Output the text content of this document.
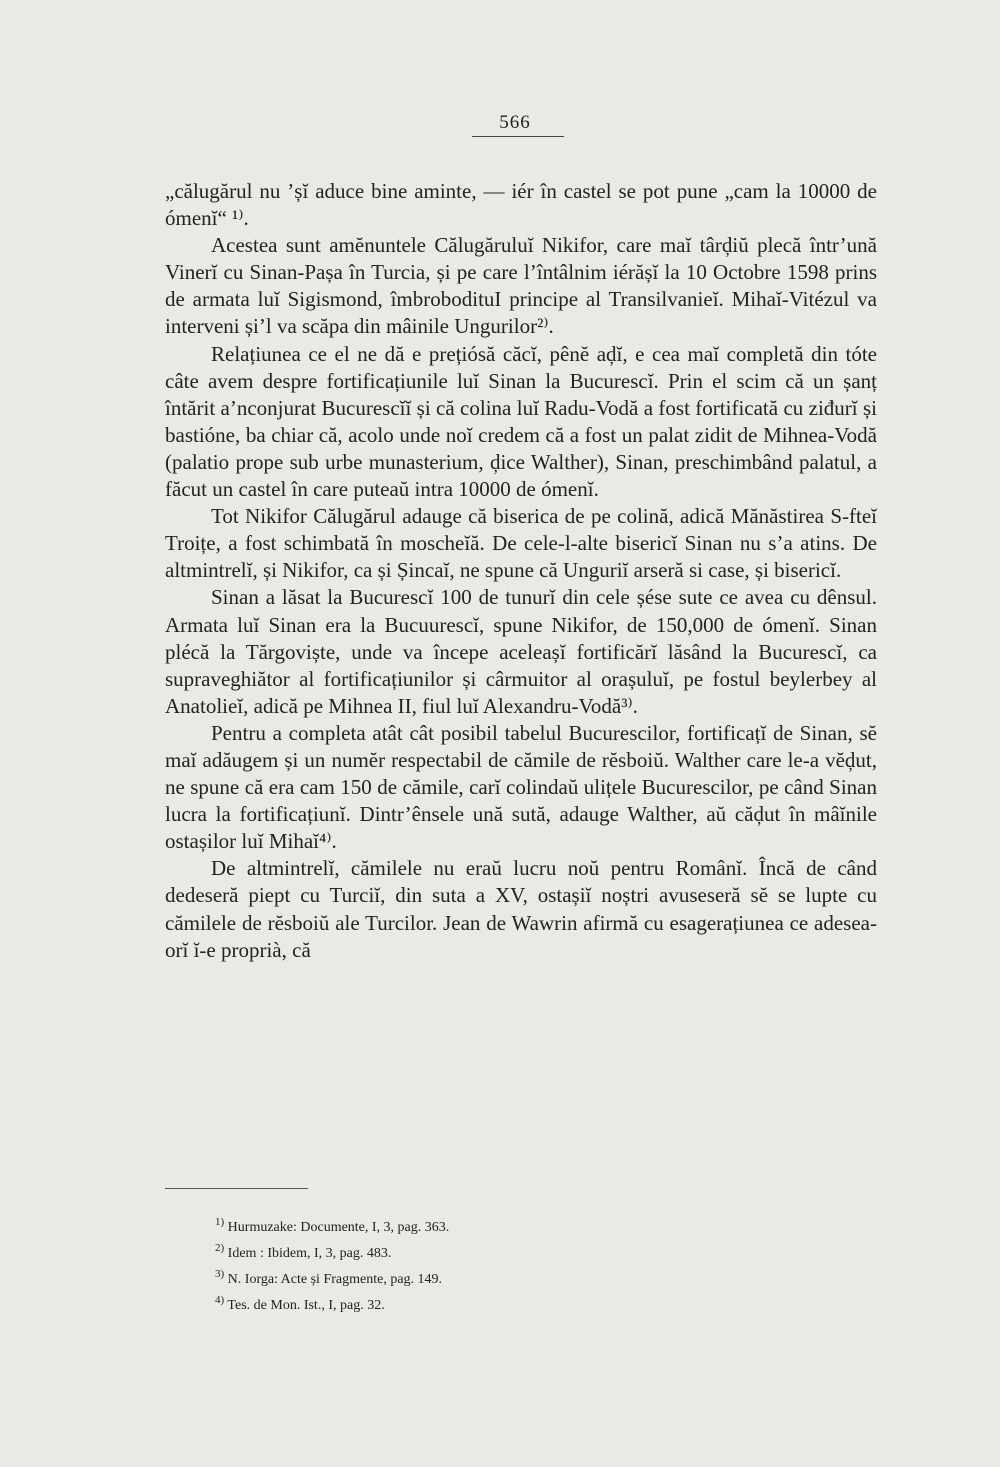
566

„călugărul nu ’șĭ aduce bine aminte, — iér în castel se pot pune „cam la 10000 de ómenĭ“ ¹⁾.

Acestea sunt amĕnuntele Călugăruluĭ Nikifor, care maĭ târḑiŭ plecă într’ună Vinerĭ cu Sinan-Pașa în Turcia, și pe care l’întâlnim iérășĭ la 10 Octobre 1598 prins de armata luĭ Sigismond, îmbrobodituI principe al Transilvanieĭ. Mihaĭ-Vitézul va interveni și’l va scăpa din mâinile Ungurilor²⁾.

Relațiunea ce el ne dă e prețiósă căcĭ, pênĕ aḑĭ, e cea maĭ completă din tóte câte avem despre fortificațiunile luĭ Sinan la Bucurescĭ. Prin el scim că un șanț întărit a’nconjurat Bucurescĭĭ și că colina luĭ Radu-Vodă a fost fortificată cu ziđurĭ și bastióne, ba chiar că, acolo unde noĭ credem că a fost un palat zidit de Mihnea-Vodă (palatio prope sub urbe munasterium, ḑice Walther), Sinan, preschimbând palatul, a făcut un castel în care puteaŭ intra 10000 de ómenĭ.

Tot Nikifor Călugărul adauge că biserica de pe colină, adică Mănăstirea S-fteĭ Troițe, a fost schimbată în moscheĭă. De cele-l-alte bisericĭ Sinan nu s’a atins. De altmintrelĭ, și Nikifor, ca și Șincaĭ, ne spune că Unguriĭ arseră si case, și bisericĭ.

Sinan a lăsat la Bucurescĭ 100 de tunurĭ din cele șése sute ce avea cu dênsul. Armata luĭ Sinan era la Bucuurescĭ, spune Nikifor, de 150,000 de ómenĭ. Sinan plécă la Tărgoviște, unde va începe aceleașĭ fortificărĭ lăsând la Bucurescĭ, ca supraveghiător al fortificațiunilor și cârmuitor al orașuluĭ, pe fostul beylerbey al Anatolieĭ, adică pe Mihnea II, fiul luĭ Alexandru-Vodă³⁾.

Pentru a completa atât cât posibil tabelul Bucurescilor, fortificațĭ de Sinan, sĕ maĭ adăugem și un numĕr respectabil de cămile de rĕsboiŭ. Walther care le-a vĕḑut, ne spune că era cam 150 de cămile, carĭ colindaŭ ulițele Bucurescilor, pe când Sinan lucra la fortificațiunĭ. Dintr’ênsele ună sută, adauge Walther, aŭ căḑut în mâĭnile ostașilor luĭ Mihaĭ⁴⁾.

De altmintrelĭ, cămilele nu eraŭ lucru noŭ pentru Românĭ. Încă de când dedeseră piept cu Turciĭ, din suta a XV, ostașiĭ noștri avuseseră sĕ se lupte cu cămilele de rĕsboiŭ ale Turcilor. Jean de Wawrin afirmă cu esagerațiunea ce adesea-orĭ ĭ-e proprià, că

$^{1)}$ Hurmuzake: Documente, I, 3, pag. 363.
$^{2)}$ Idem : Ibidem, I, 3, pag. 483.
$^{3)}$ N. Iorga: Acte și Fragmente, pag. 149.
$^{4)}$ Tes. de Mon. Ist., I, pag. 32.
